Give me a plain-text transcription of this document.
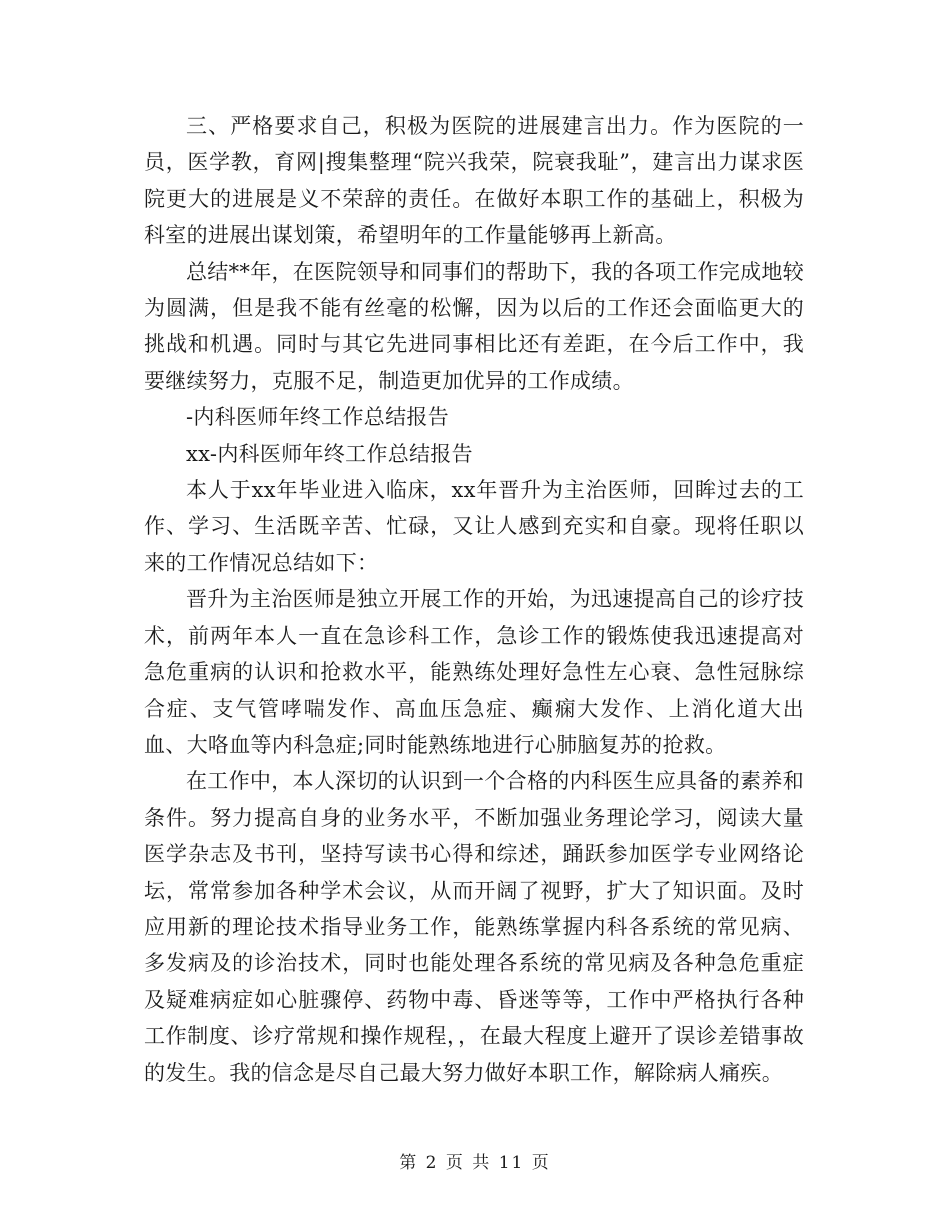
三、严格要求自己，积极为医院的进展建言出力。作为医院的一员，医学教，育网|搜集整理“院兴我荣，院衰我耻”，建言出力谋求医院更大的进展是义不荣辞的责任。在做好本职工作的基础上，积极为科室的进展出谋划策，希望明年的工作量能够再上新高。

总结**年，在医院领导和同事们的帮助下，我的各项工作完成地较为圆满，但是我不能有丝毫的松懈，因为以后的工作还会面临更大的挑战和机遇。同时与其它先进同事相比还有差距，在今后工作中，我要继续努力，克服不足，制造更加优异的工作成绩。

-内科医师年终工作总结报告

xx-内科医师年终工作总结报告

本人于xx年毕业进入临床，xx年晋升为主治医师，回眸过去的工作、学习、生活既辛苦、忙碌，又让人感到充实和自豪。现将任职以来的工作情况总结如下：

晋升为主治医师是独立开展工作的开始，为迅速提高自己的诊疗技术，前两年本人一直在急诊科工作，急诊工作的锻炼使我迅速提高对急危重病的认识和抢救水平，能熟练处理好急性左心衰、急性冠脉综合症、支气管哮喘发作、高血压急症、癫痫大发作、上消化道大出血、大咯血等内科急症;同时能熟练地进行心肺脑复苏的抢救。

在工作中，本人深切的认识到一个合格的内科医生应具备的素养和条件。努力提高自身的业务水平，不断加强业务理论学习，阅读大量医学杂志及书刊，坚持写读书心得和综述，踊跃参加医学专业网络论坛，常常参加各种学术会议，从而开阔了视野，扩大了知识面。及时应用新的理论技术指导业务工作，能熟练掌握内科各系统的常见病、多发病及的诊治技术，同时也能处理各系统的常见病及各种急危重症及疑难病症如心脏骤停、药物中毒、昏迷等等，工作中严格执行各种工作制度、诊疗常规和操作规程，，在最大程度上避开了误诊差错事故的发生。我的信念是尽自己最大努力做好本职工作，解除病人痛疾。

第 2 页 共 11 页
